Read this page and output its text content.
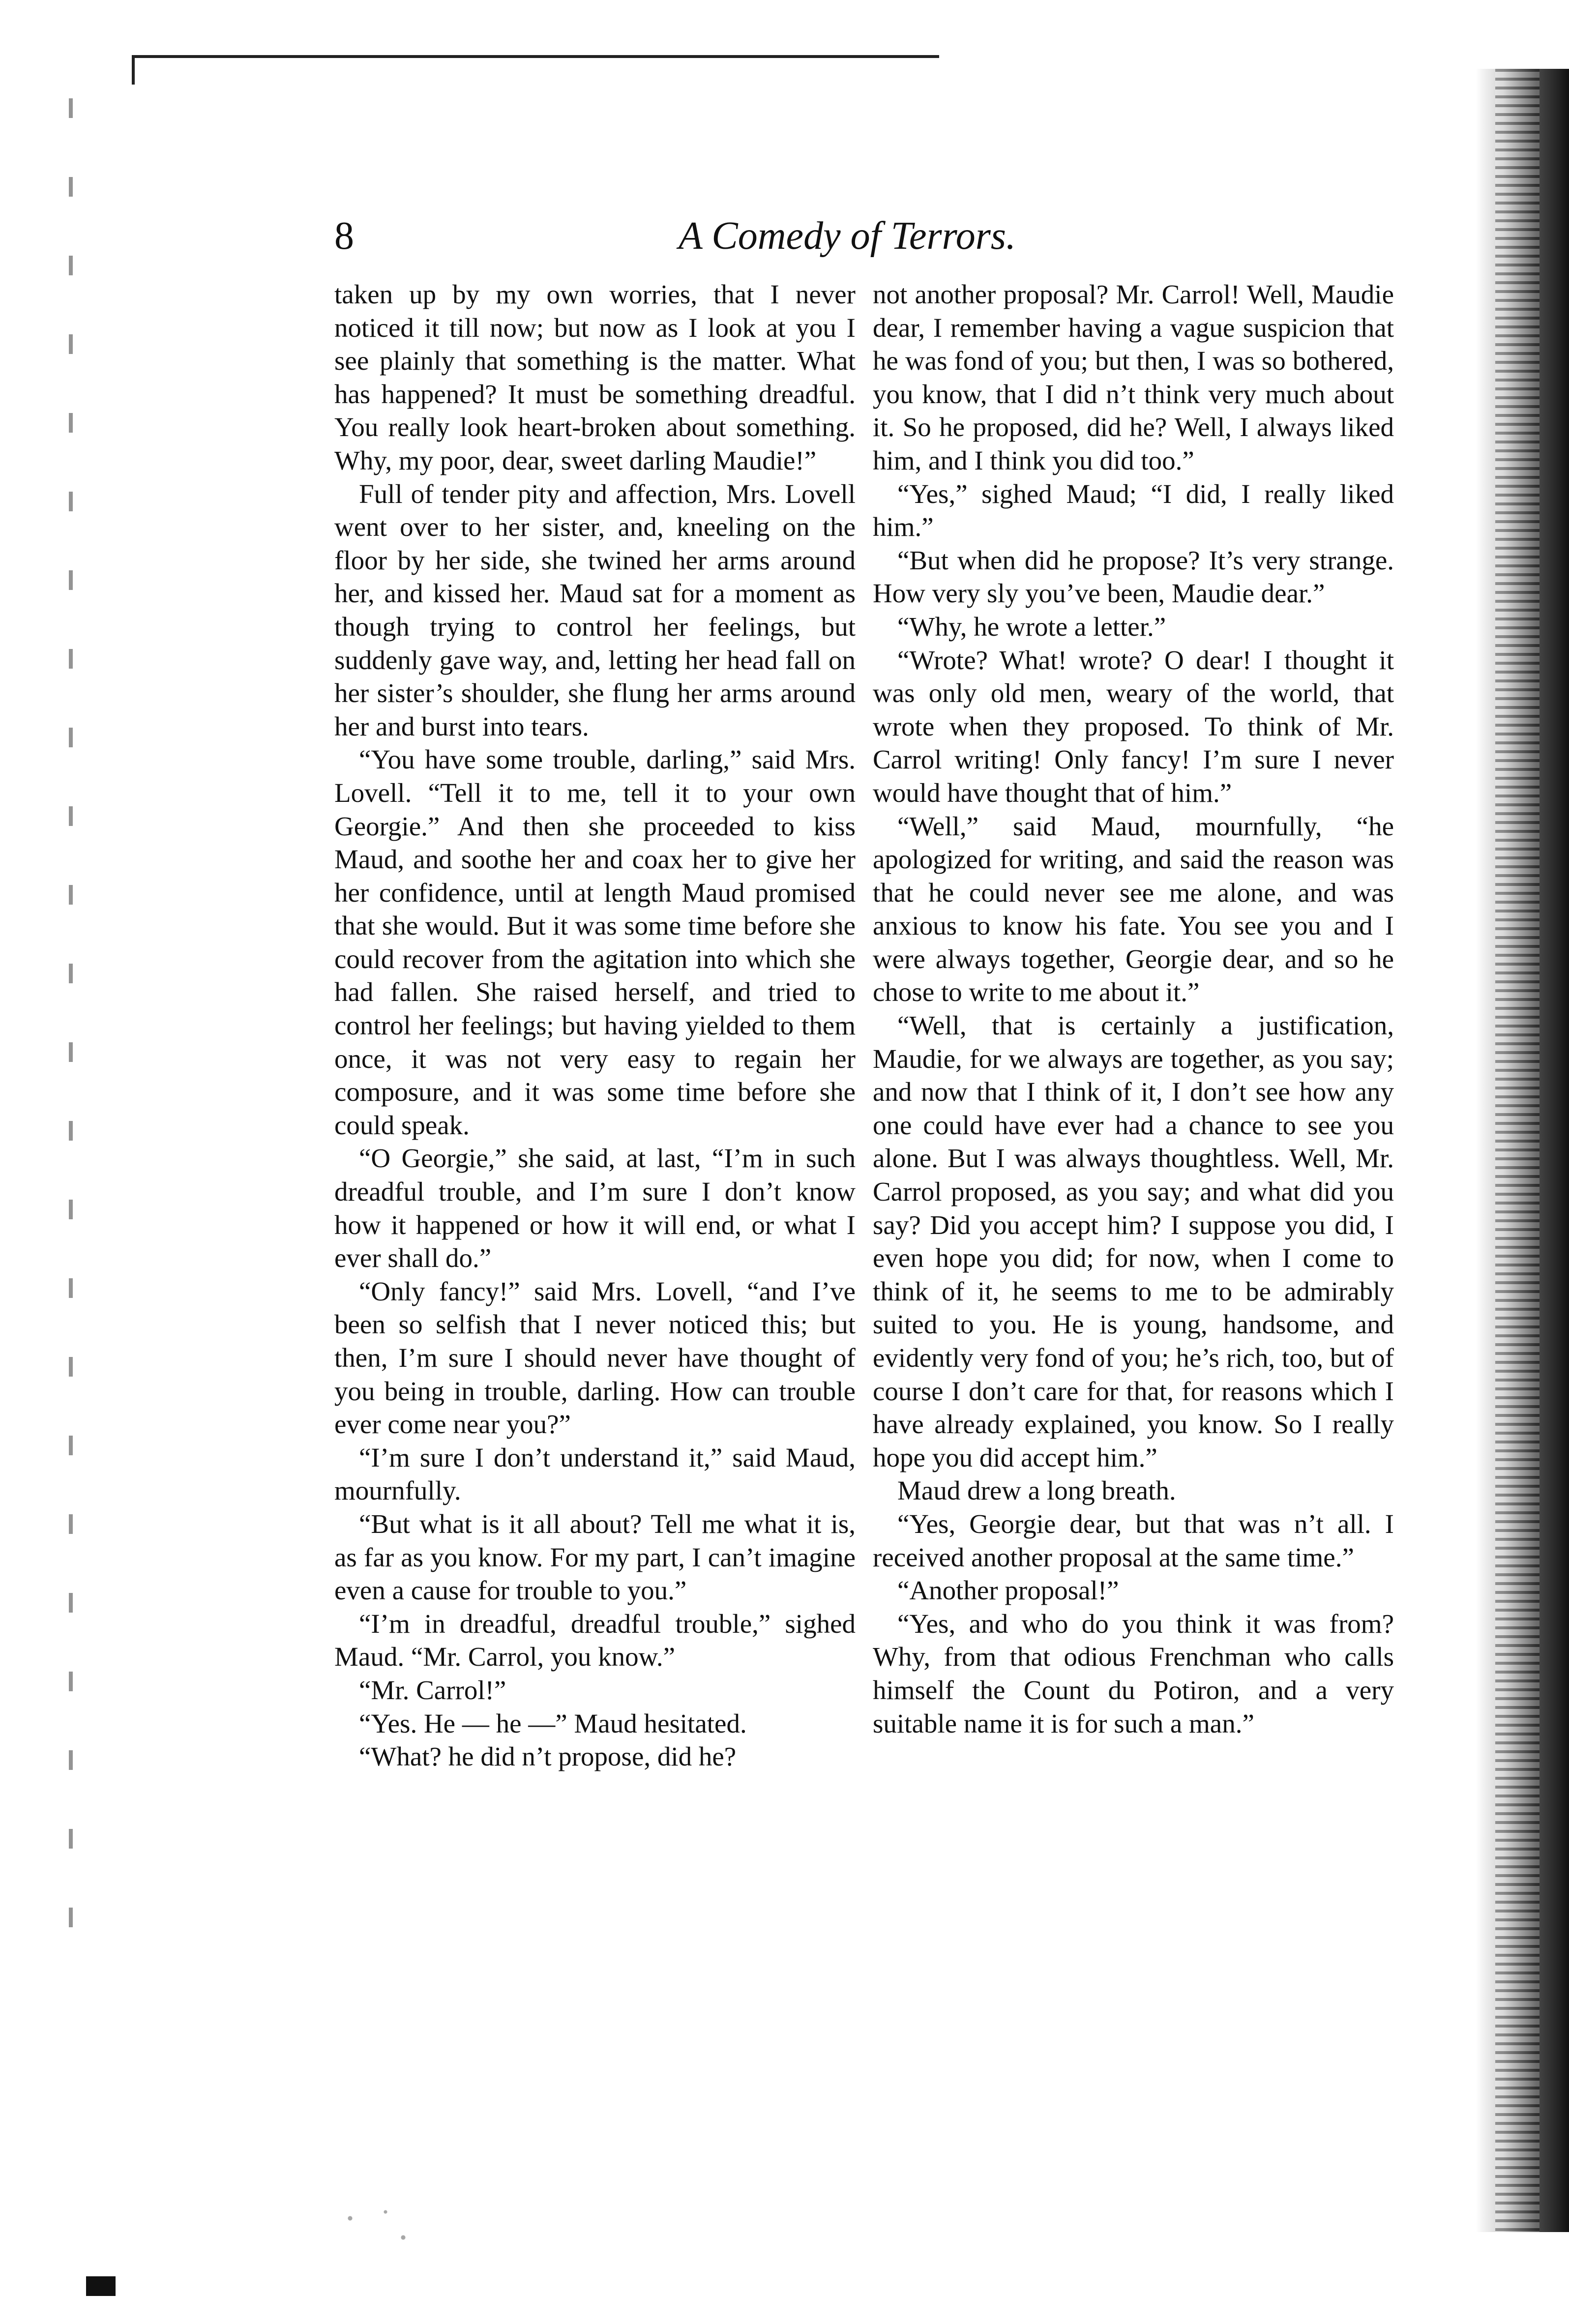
8	A Comedy of Terrors.

taken up by my own worries, that I never noticed it till now; but now as I look at you I see plainly that something is the matter. What has happened? It must be something dreadful. You really look heart-broken about something. Why, my poor, dear, sweet darling Maudie!”

Full of tender pity and affection, Mrs. Lovell went over to her sister, and, kneeling on the floor by her side, she twined her arms around her, and kissed her. Maud sat for a moment as though trying to control her feelings, but suddenly gave way, and, letting her head fall on her sister’s shoulder, she flung her arms around her and burst into tears.

“You have some trouble, darling,” said Mrs. Lovell. “Tell it to me, tell it to your own Georgie.” And then she proceeded to kiss Maud, and soothe her and coax her to give her her confidence, until at length Maud promised that she would. But it was some time before she could recover from the agitation into which she had fallen. She raised herself, and tried to control her feelings; but having yielded to them once, it was not very easy to regain her composure, and it was some time before she could speak.

“O Georgie,” she said, at last, “I’m in such dreadful trouble, and I’m sure I don’t know how it happened or how it will end, or what I ever shall do.”

“Only fancy!” said Mrs. Lovell, “and I’ve been so selfish that I never noticed this; but then, I’m sure I should never have thought of you being in trouble, darling. How can trouble ever come near you?”

“I’m sure I don’t understand it,” said Maud, mournfully.

“But what is it all about? Tell me what it is, as far as you know. For my part, I can’t imagine even a cause for trouble to you.”

“I’m in dreadful, dreadful trouble,” sighed Maud. “Mr. Carrol, you know.”

“Mr. Carrol!”

“Yes. He — he —” Maud hesitated.

“What? he did n’t propose, did he?

not another proposal? Mr. Carrol! Well, Maudie dear, I remember having a vague suspicion that he was fond of you; but then, I was so bothered, you know, that I did n’t think very much about it. So he proposed, did he? Well, I always liked him, and I think you did too.”

“Yes,” sighed Maud; “I did, I really liked him.”

“But when did he propose? It’s very strange. How very sly you’ve been, Maudie dear.”

“Why, he wrote a letter.”

“Wrote? What! wrote? O dear! I thought it was only old men, weary of the world, that wrote when they proposed. To think of Mr. Carrol writing! Only fancy! I’m sure I never would have thought that of him.”

“Well,” said Maud, mournfully, “he apologized for writing, and said the reason was that he could never see me alone, and was anxious to know his fate. You see you and I were always together, Georgie dear, and so he chose to write to me about it.”

“Well, that is certainly a justification, Maudie, for we always are together, as you say; and now that I think of it, I don’t see how any one could have ever had a chance to see you alone. But I was always thoughtless. Well, Mr. Carrol proposed, as you say; and what did you say? Did you accept him? I suppose you did, I even hope you did; for now, when I come to think of it, he seems to me to be admirably suited to you. He is young, handsome, and evidently very fond of you; he’s rich, too, but of course I don’t care for that, for reasons which I have already explained, you know. So I really hope you did accept him.”

Maud drew a long breath.

“Yes, Georgie dear, but that was n’t all. I received another proposal at the same time.”

“Another proposal!”

“Yes, and who do you think it was from? Why, from that odious Frenchman who calls himself the Count du Potiron, and a very suitable name it is for such a man.”
